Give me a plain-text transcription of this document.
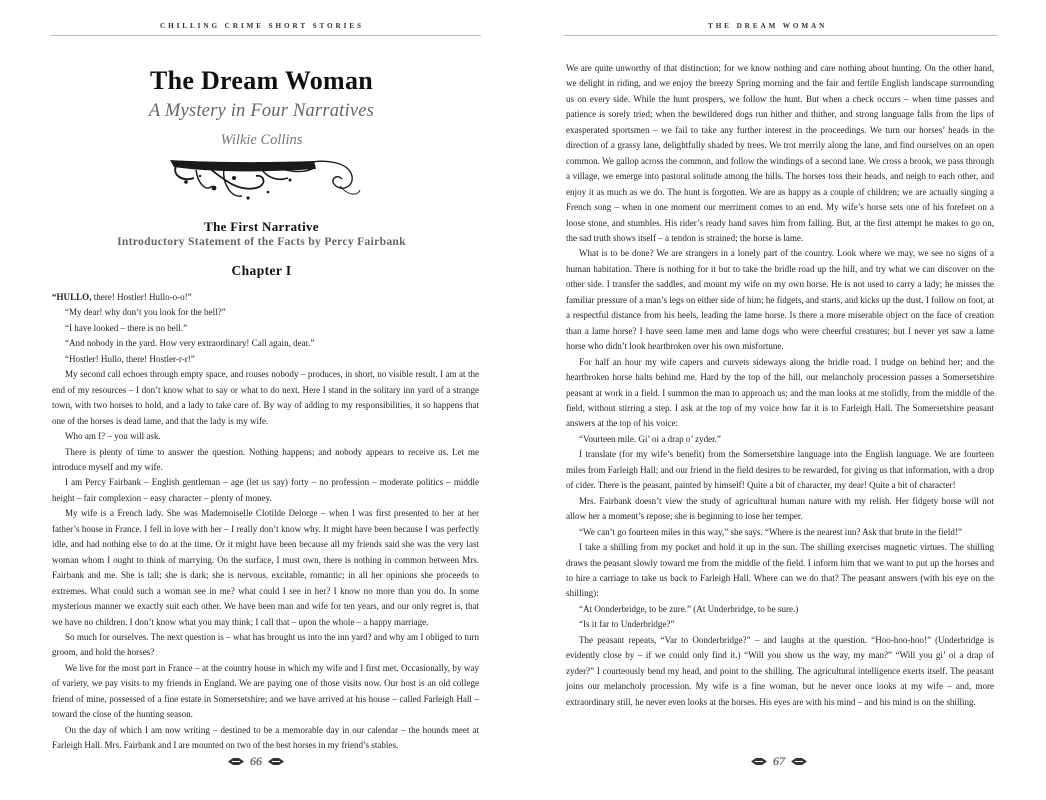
CHILLING CRIME SHORT STORIES
The Dream Woman
A Mystery in Four Narratives
Wilkie Collins
The First Narrative
Introductory Statement of the Facts by Percy Fairbank
Chapter I

“HULLO, there! Hostler! Hullo-o-o!”

“My dear! why don’t you look for the bell?”

“I have looked – there is no bell.”

“And nobody in the yard. How very extraordinary! Call again, dear.”

“Hostler! Hullo, there! Hostler-r-r!”

My second call echoes through empty space, and rouses nobody – produces, in short, no visible result. I am at the end of my resources – I don’t know what to say or what to do next. Here I stand in the solitary inn yard of a strange town, with two horses to hold, and a lady to take care of. By way of adding to my responsibilities, it so happens that one of the horses is dead lame, and that the lady is my wife.

Who am I? – you will ask.

There is plenty of time to answer the question. Nothing happens; and nobody appears to receive us. Let me introduce myself and my wife.

I am Percy Fairbank – English gentleman – age (let us say) forty – no profession – moderate politics – middle height – fair complexion – easy character – plenty of money.

My wife is a French lady. She was Mademoiselle Clotilde Delorge – when I was first presented to her at her father’s house in France. I fell in love with her – I really don’t know why. It might have been because I was perfectly idle, and had nothing else to do at the time. Or it might have been because all my friends said she was the very last woman whom I ought to think of marrying. On the surface, I must own, there is nothing in common between Mrs. Fairbank and me. She is tall; she is dark; she is nervous, excitable, romantic; in all her opinions she proceeds to extremes. What could such a woman see in me? what could I see in her? I know no more than you do. In some mysterious manner we exactly suit each other. We have been man and wife for ten years, and our only regret is, that we have no children. I don’t know what you may think; I call that – upon the whole – a happy marriage.

So much for ourselves. The next question is – what has brought us into the inn yard? and why am I obliged to turn groom, and hold the horses?

We live for the most part in France – at the country house in which my wife and I first met. Occasionally, by way of variety, we pay visits to my friends in England. We are paying one of those visits now. Our host is an old college friend of mine, possessed of a fine estate in Somersetshire; and we have arrived at his house – called Farleigh Hall – toward the close of the hunting season.

On the day of which I am now writing – destined to be a memorable day in our calendar – the hounds meet at Farleigh Hall. Mrs. Fairbank and I are mounted on two of the best horses in my friend’s stables.

66
THE DREAM WOMAN
67

We are quite unworthy of that distinction; for we know nothing and care nothing about hunting. On the other hand, we delight in riding, and we enjoy the breezy Spring morning and the fair and fertile English landscape surrounding us on every side. While the hunt prospers, we follow the hunt. But when a check occurs – when time passes and patience is sorely tried; when the bewildered dogs run hither and thither, and strong language falls from the lips of exasperated sportsmen – we fail to take any further interest in the proceedings. We turn our horses’ heads in the direction of a grassy lane, delightfully shaded by trees. We trot merrily along the lane, and find ourselves on an open common. We gallop across the common, and follow the windings of a second lane. We cross a brook, we pass through a village, we emerge into pastoral solitude among the hills. The horses toss their heads, and neigh to each other, and enjoy it as much as we do. The hunt is forgotten. We are as happy as a couple of children; we are actually singing a French song – when in one moment our merriment comes to an end. My wife’s horse sets one of his forefeet on a loose stone, and stumbles. His rider’s ready hand saves him from falling. But, at the first attempt he makes to go on, the sad truth shows itself – a tendon is strained; the horse is lame.

What is to be done? We are strangers in a lonely part of the country. Look where we may, we see no signs of a human habitation. There is nothing for it but to take the bridle road up the hill, and try what we can discover on the other side. I transfer the saddles, and mount my wife on my own horse. He is not used to carry a lady; he misses the familiar pressure of a man’s legs on either side of him; he fidgets, and starts, and kicks up the dust. I follow on foot, at a respectful distance from his heels, leading the lame horse. Is there a more miserable object on the face of creation than a lame horse? I have seen lame men and lame dogs who were cheerful creatures; but I never yet saw a lame horse who didn’t look heartbroken over his own misfortune.

For half an hour my wife capers and curvets sideways along the bridle road. I trudge on behind her; and the heartbroken horse halts behind me. Hard by the top of the hill, our melancholy procession passes a Somersetshire peasant at work in a field. I summon the man to approach us; and the man looks at me stolidly, from the middle of the field, without stirring a step. I ask at the top of my voice how far it is to Farleigh Hall. The Somersetshire peasant answers at the top of his voice:

“Vourteen mile. Gi’ oi a drap o’ zyder.”

I translate (for my wife’s benefit) from the Somersetshire language into the English language. We are fourteen miles from Farleigh Hall; and our friend in the field desires to be rewarded, for giving us that information, with a drop of cider. There is the peasant, painted by himself! Quite a bit of character, my dear! Quite a bit of character!

Mrs. Fairbank doesn’t view the study of agricultural human nature with my relish. Her fidgety horse will not allow her a moment’s repose; she is beginning to lose her temper.

“We can’t go fourteen miles in this way,” she says. “Where is the nearest inn? Ask that brute in the field!”

I take a shilling from my pocket and hold it up in the sun. The shilling exercises magnetic virtues. The shilling draws the peasant slowly toward me from the middle of the field. I inform him that we want to put up the horses and to hire a carriage to take us back to Farleigh Hall. Where can we do that? The peasant answers (with his eye on the shilling):

“At Oonderbridge, to be zure.” (At Underbridge, to be sure.)

“Is it far to Underbridge?”

The peasant repeats, “Var to Oonderbridge?” – and laughs at the question. “Hoo-hoo-hoo!” (Underbridge is evidently close by – if we could only find it.) “Will you show us the way, my man?” “Will you gi’ oi a drap of zyder?” I courteously bend my head, and point to the shilling. The agricultural intelligence exerts itself. The peasant joins our melancholy procession. My wife is a fine woman, but he never once looks at my wife – and, more extraordinary still, he never even looks at the horses. His eyes are with his mind – and his mind is on the shilling.
